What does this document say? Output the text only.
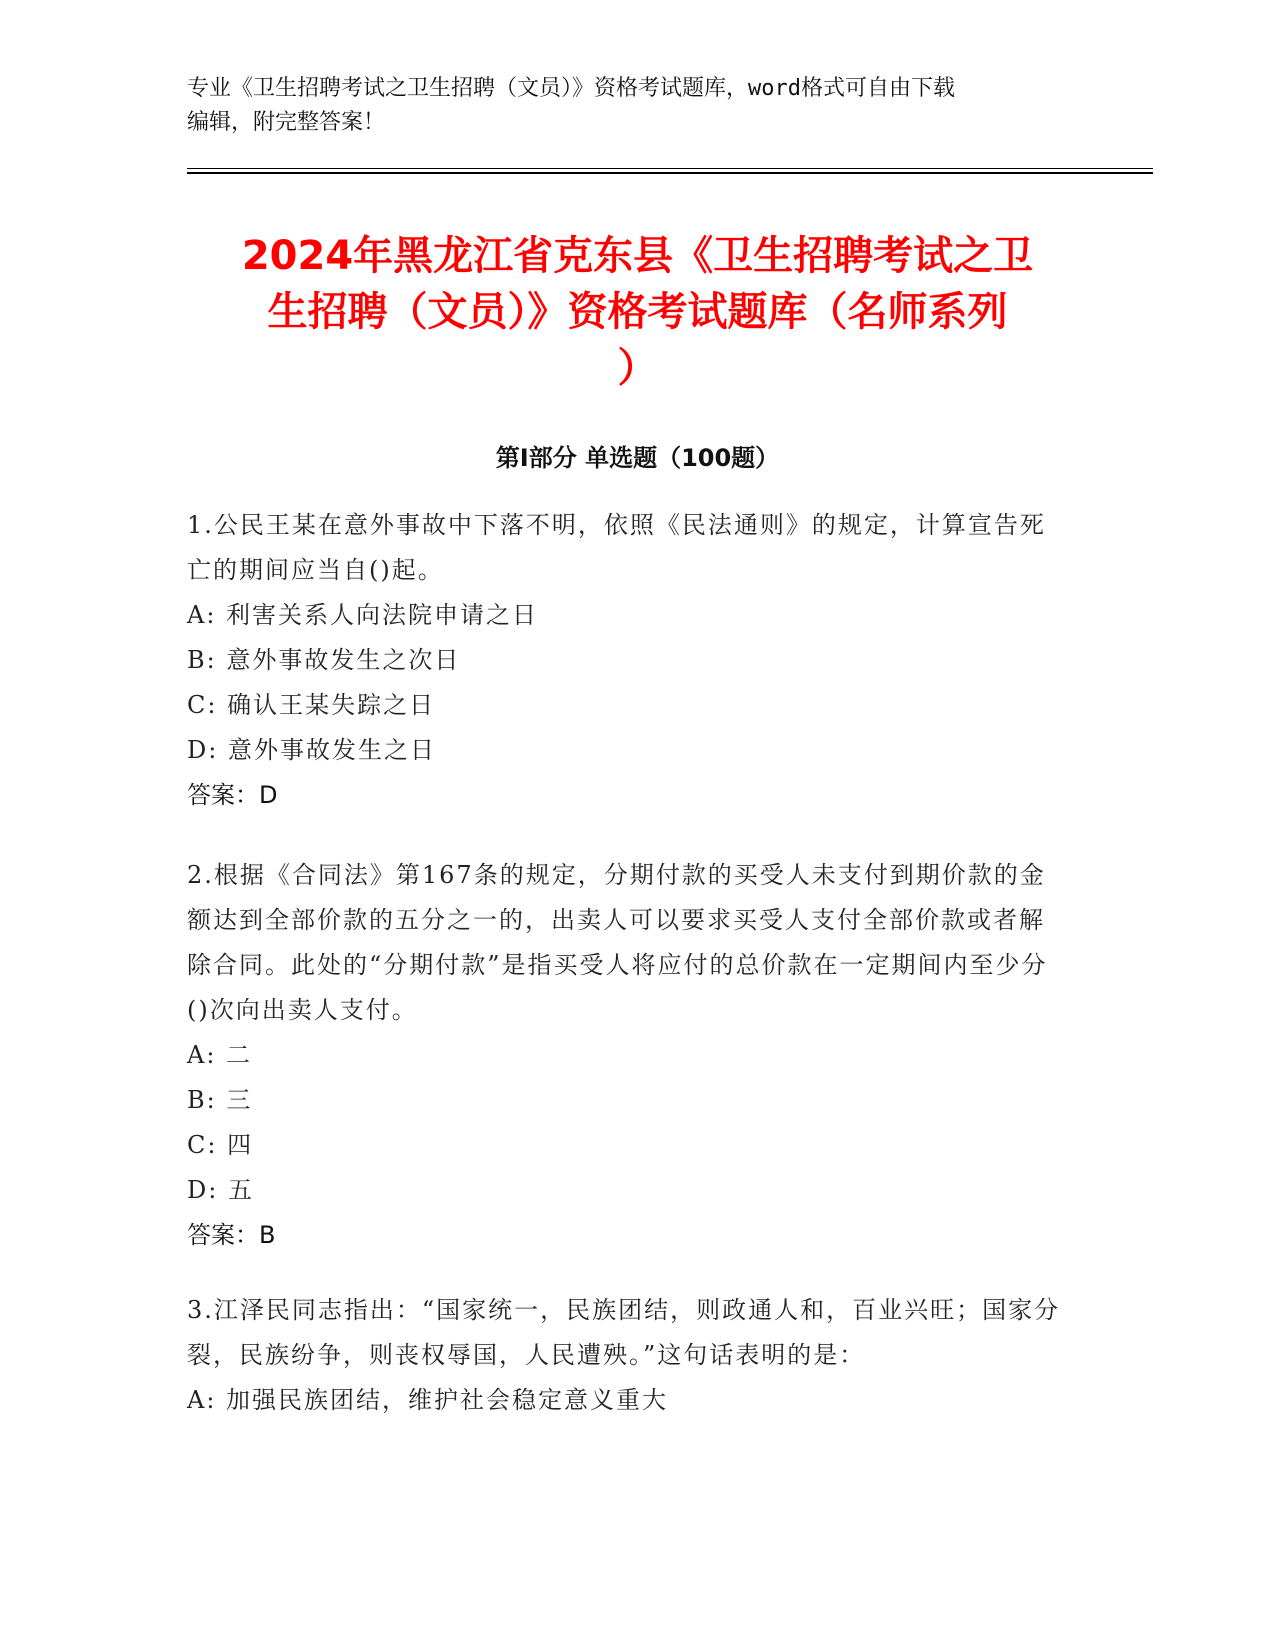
专业《卫生招聘考试之卫生招聘（文员）》资格考试题库，word格式可自由下载
编辑，附完整答案！
2024年黑龙江省克东县《卫生招聘考试之卫
生招聘（文员）》资格考试题库（名师系列
）
第Ⅰ部分 单选题（100题）

1.公民王某在意外事故中下落不明，依照《民法通则》的规定，计算宣告死亡的期间应当自()起。

A: 利害关系人向法院申请之日

B: 意外事故发生之次日

C: 确认王某失踪之日

D: 意外事故发生之日

答案：D

2.根据《合同法》第167条的规定，分期付款的买受人未支付到期价款的金额达到全部价款的五分之一的，出卖人可以要求买受人支付全部价款或者解除合同。此处的“分期付款”是指买受人将应付的总价款在一定期间内至少分()次向出卖人支付。

A: 二

B: 三

C: 四

D: 五

答案：B

3.江泽民同志指出：“国家统一，民族团结，则政通人和，百业兴旺；国家分裂，民族纷争，则丧权辱国，人民遭殃。”这句话表明的是：

A: 加强民族团结，维护社会稳定意义重大
